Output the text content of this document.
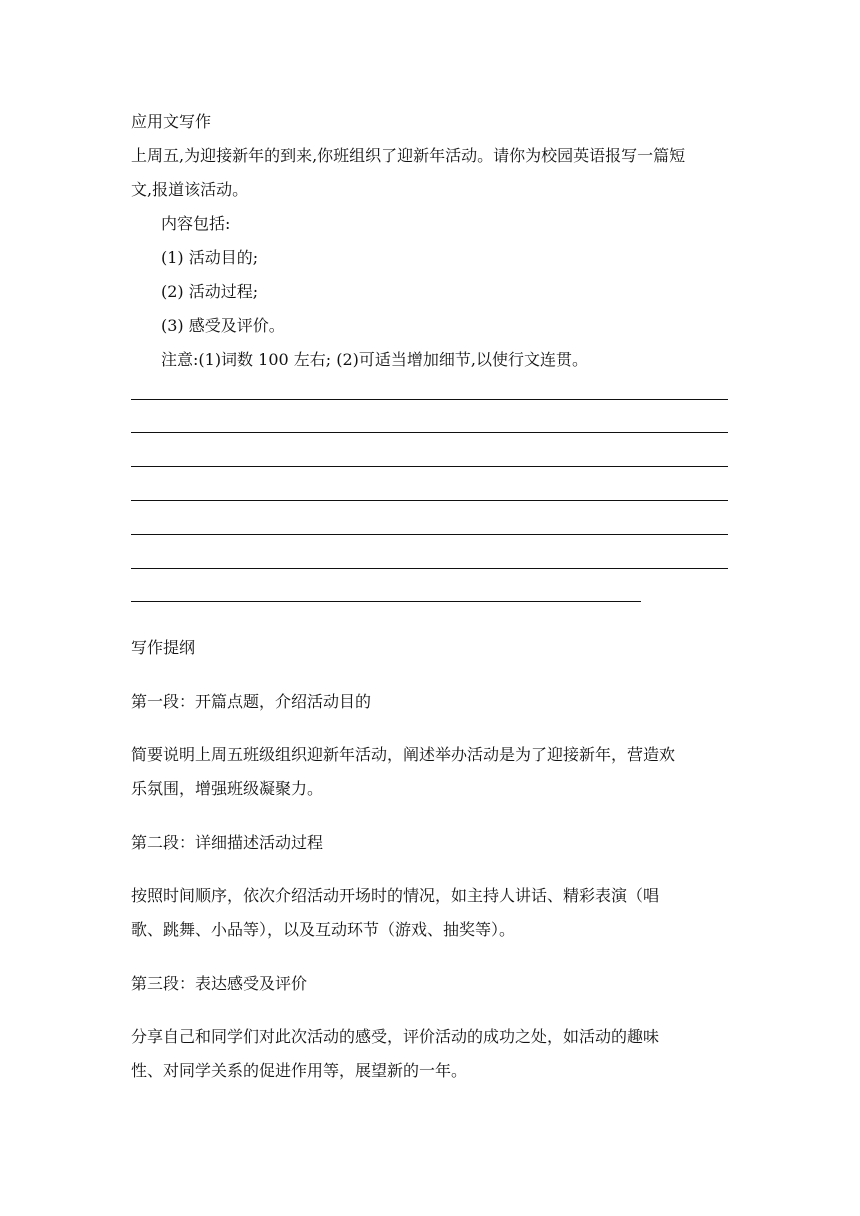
应用文写作
上周五,为迎接新年的到来,你班组织了迎新年活动。请你为校园英语报写一篇短
文,报道该活动。
内容包括:
(1) 活动目的;
(2) 活动过程;
(3) 感受及评价。
注意:(1)词数 100 左右; (2)可适当增加细节,以使行文连贯。
写作提纲
第一段：开篇点题，介绍活动目的
简要说明上周五班级组织迎新年活动，阐述举办活动是为了迎接新年，营造欢
乐氛围，增强班级凝聚力。
第二段：详细描述活动过程
按照时间顺序，依次介绍活动开场时的情况，如主持人讲话、精彩表演（唱
歌、跳舞、小品等），以及互动环节（游戏、抽奖等）。
第三段：表达感受及评价
分享自己和同学们对此次活动的感受，评价活动的成功之处，如活动的趣味
性、对同学关系的促进作用等，展望新的一年。
